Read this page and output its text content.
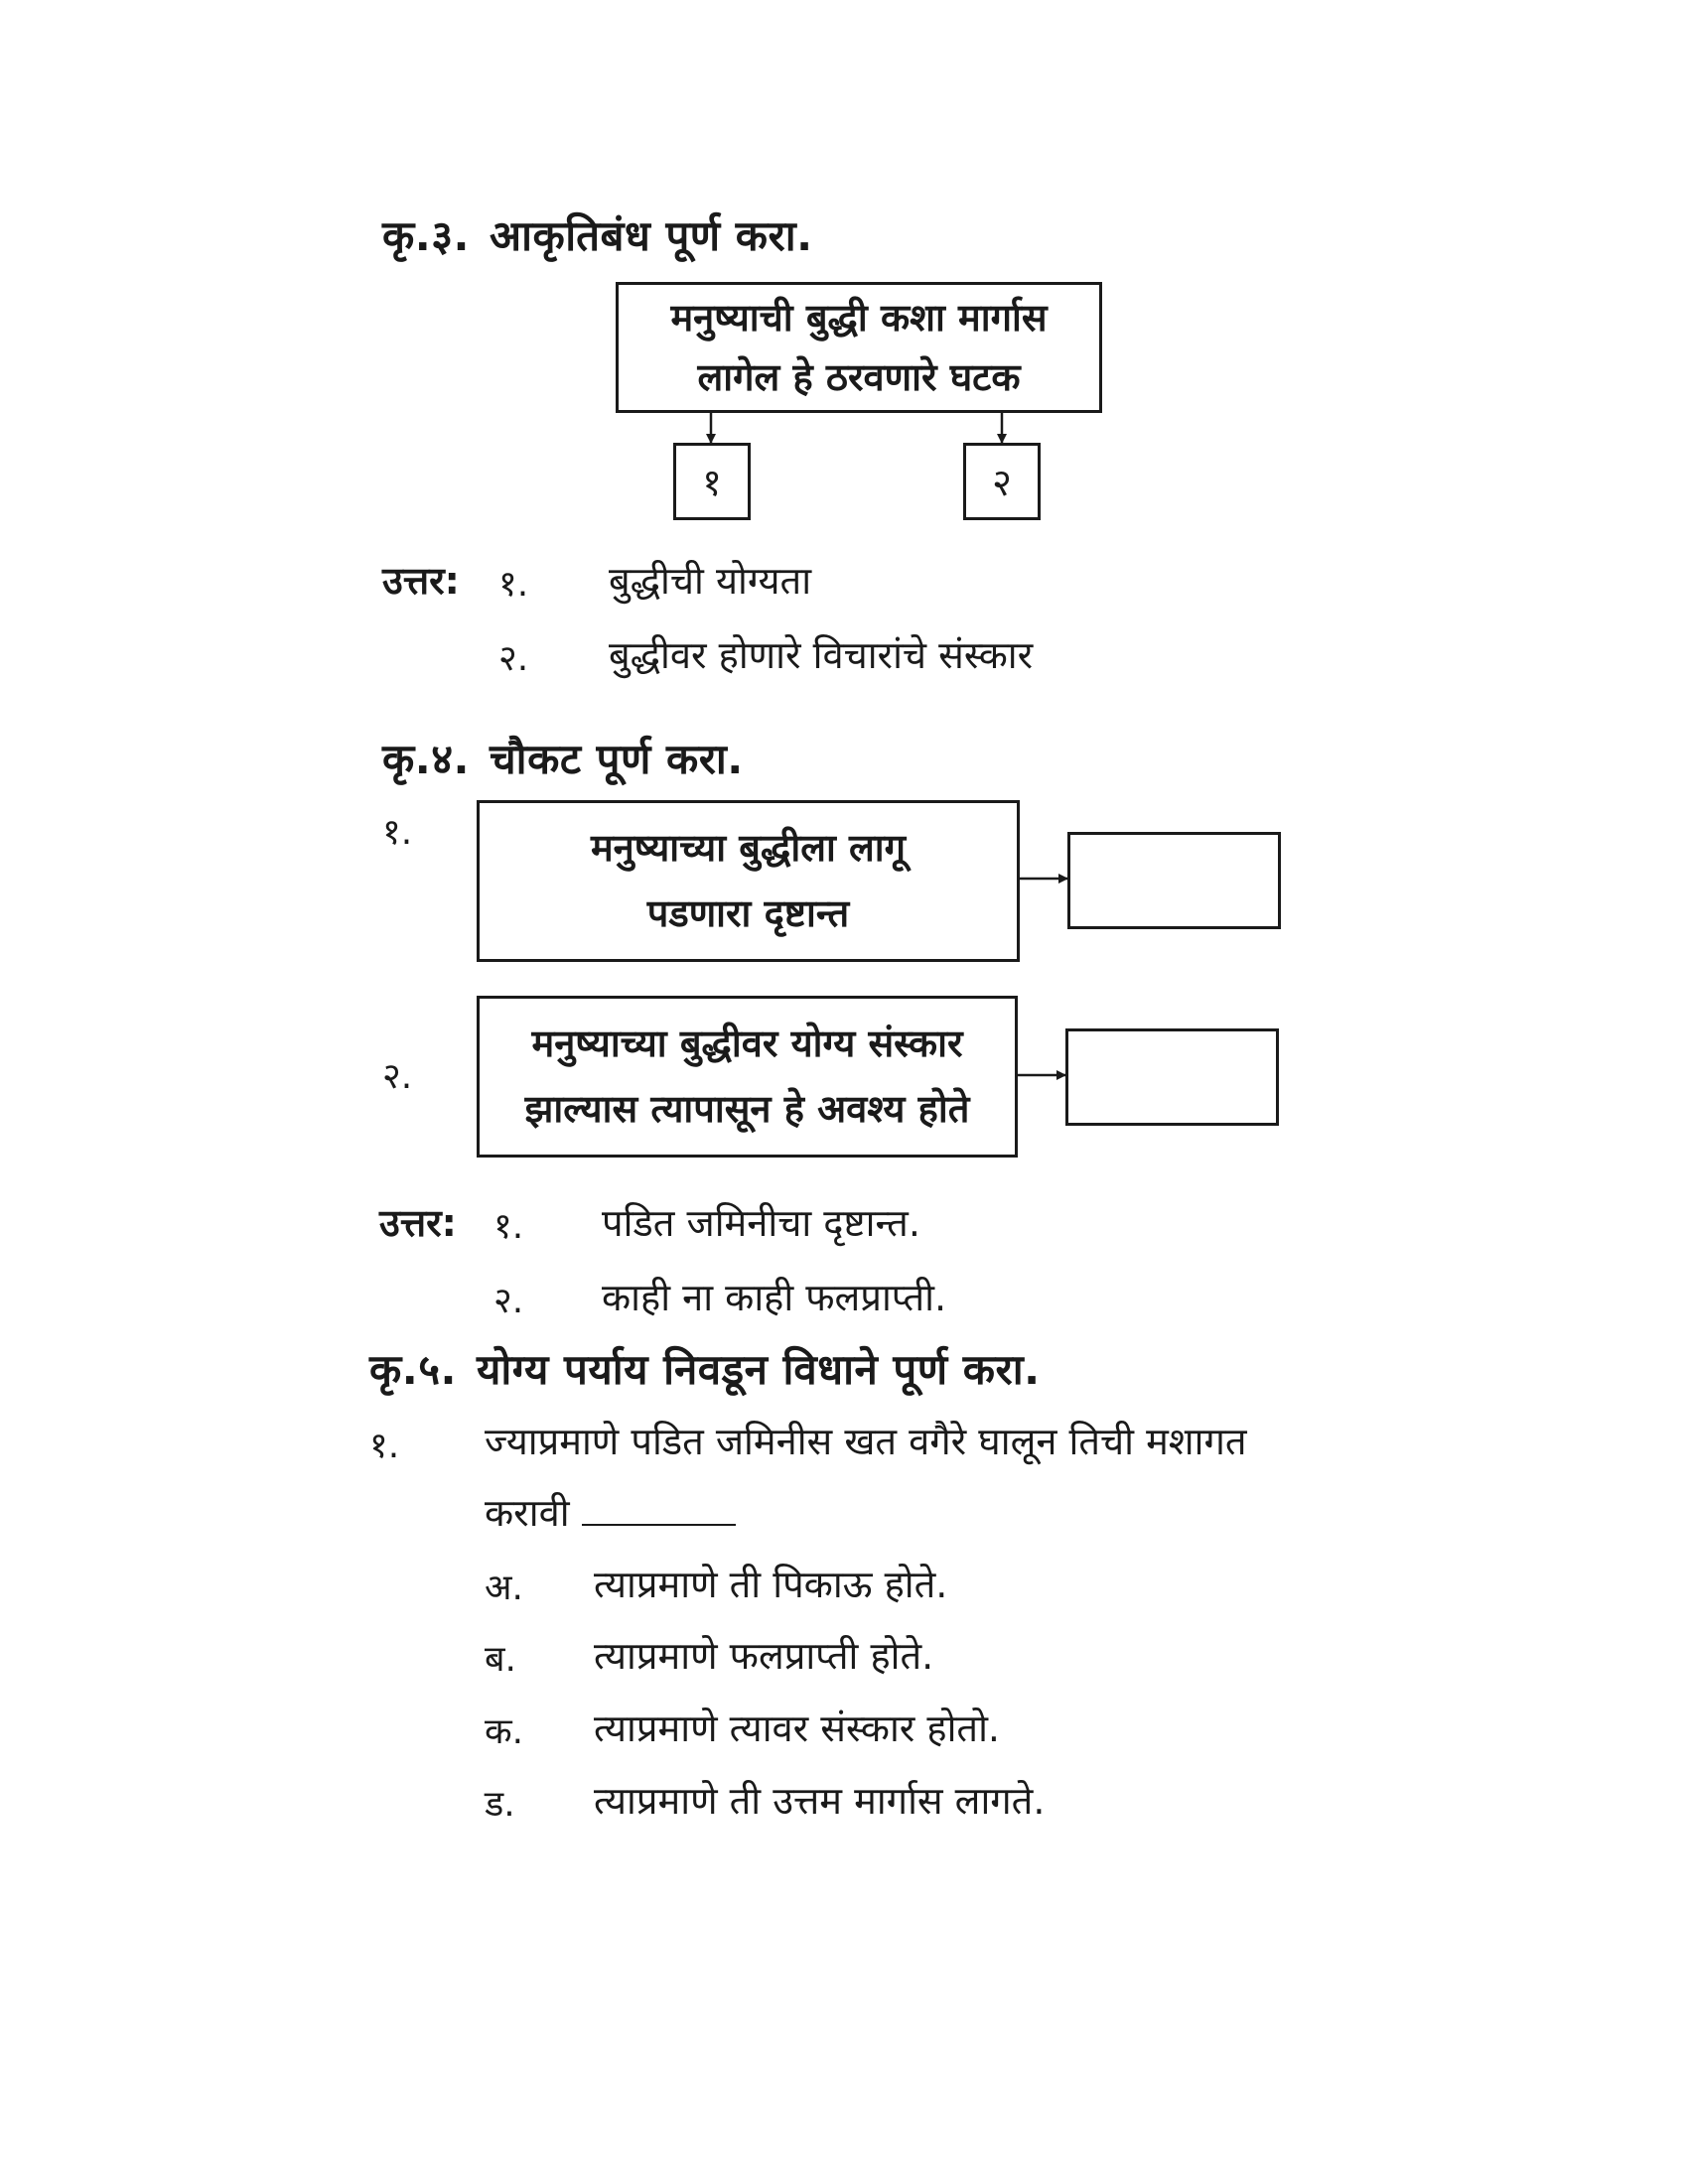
कृ.३. आकृतिबंध पूर्ण करा.
मनुष्याची बुद्धी कशा मार्गास
लागेल हे ठरवणारे घटक
१	२
उत्तर: १. बुद्धीची योग्यता
२. बुद्धीवर होणारे विचारांचे संस्कार
कृ.४. चौकट पूर्ण करा.
१.	मनुष्याच्या बुद्धीला लागू
पडणारा दृष्टान्त
२.
मनुष्याच्या बुद्धीवर योग्य संस्कार
झाल्यास त्यापासून हे अवश्य होते
उत्तर: १. पडित जमिनीचा दृष्टान्त.
२. काही ना काही फलप्राप्ती.
कृ.५. योग्य पर्याय निवडून विधाने पूर्ण करा.
१. ज्याप्रमाणे पडित जमिनीस खत वगैरे घालून तिची मशागत
करावी
अ. त्याप्रमाणे ती पिकाऊ होते.
ब. त्याप्रमाणे फलप्राप्ती होते.
क. त्याप्रमाणे त्यावर संस्कार होतो.
ड. त्याप्रमाणे ती उत्तम मार्गास लागते.
